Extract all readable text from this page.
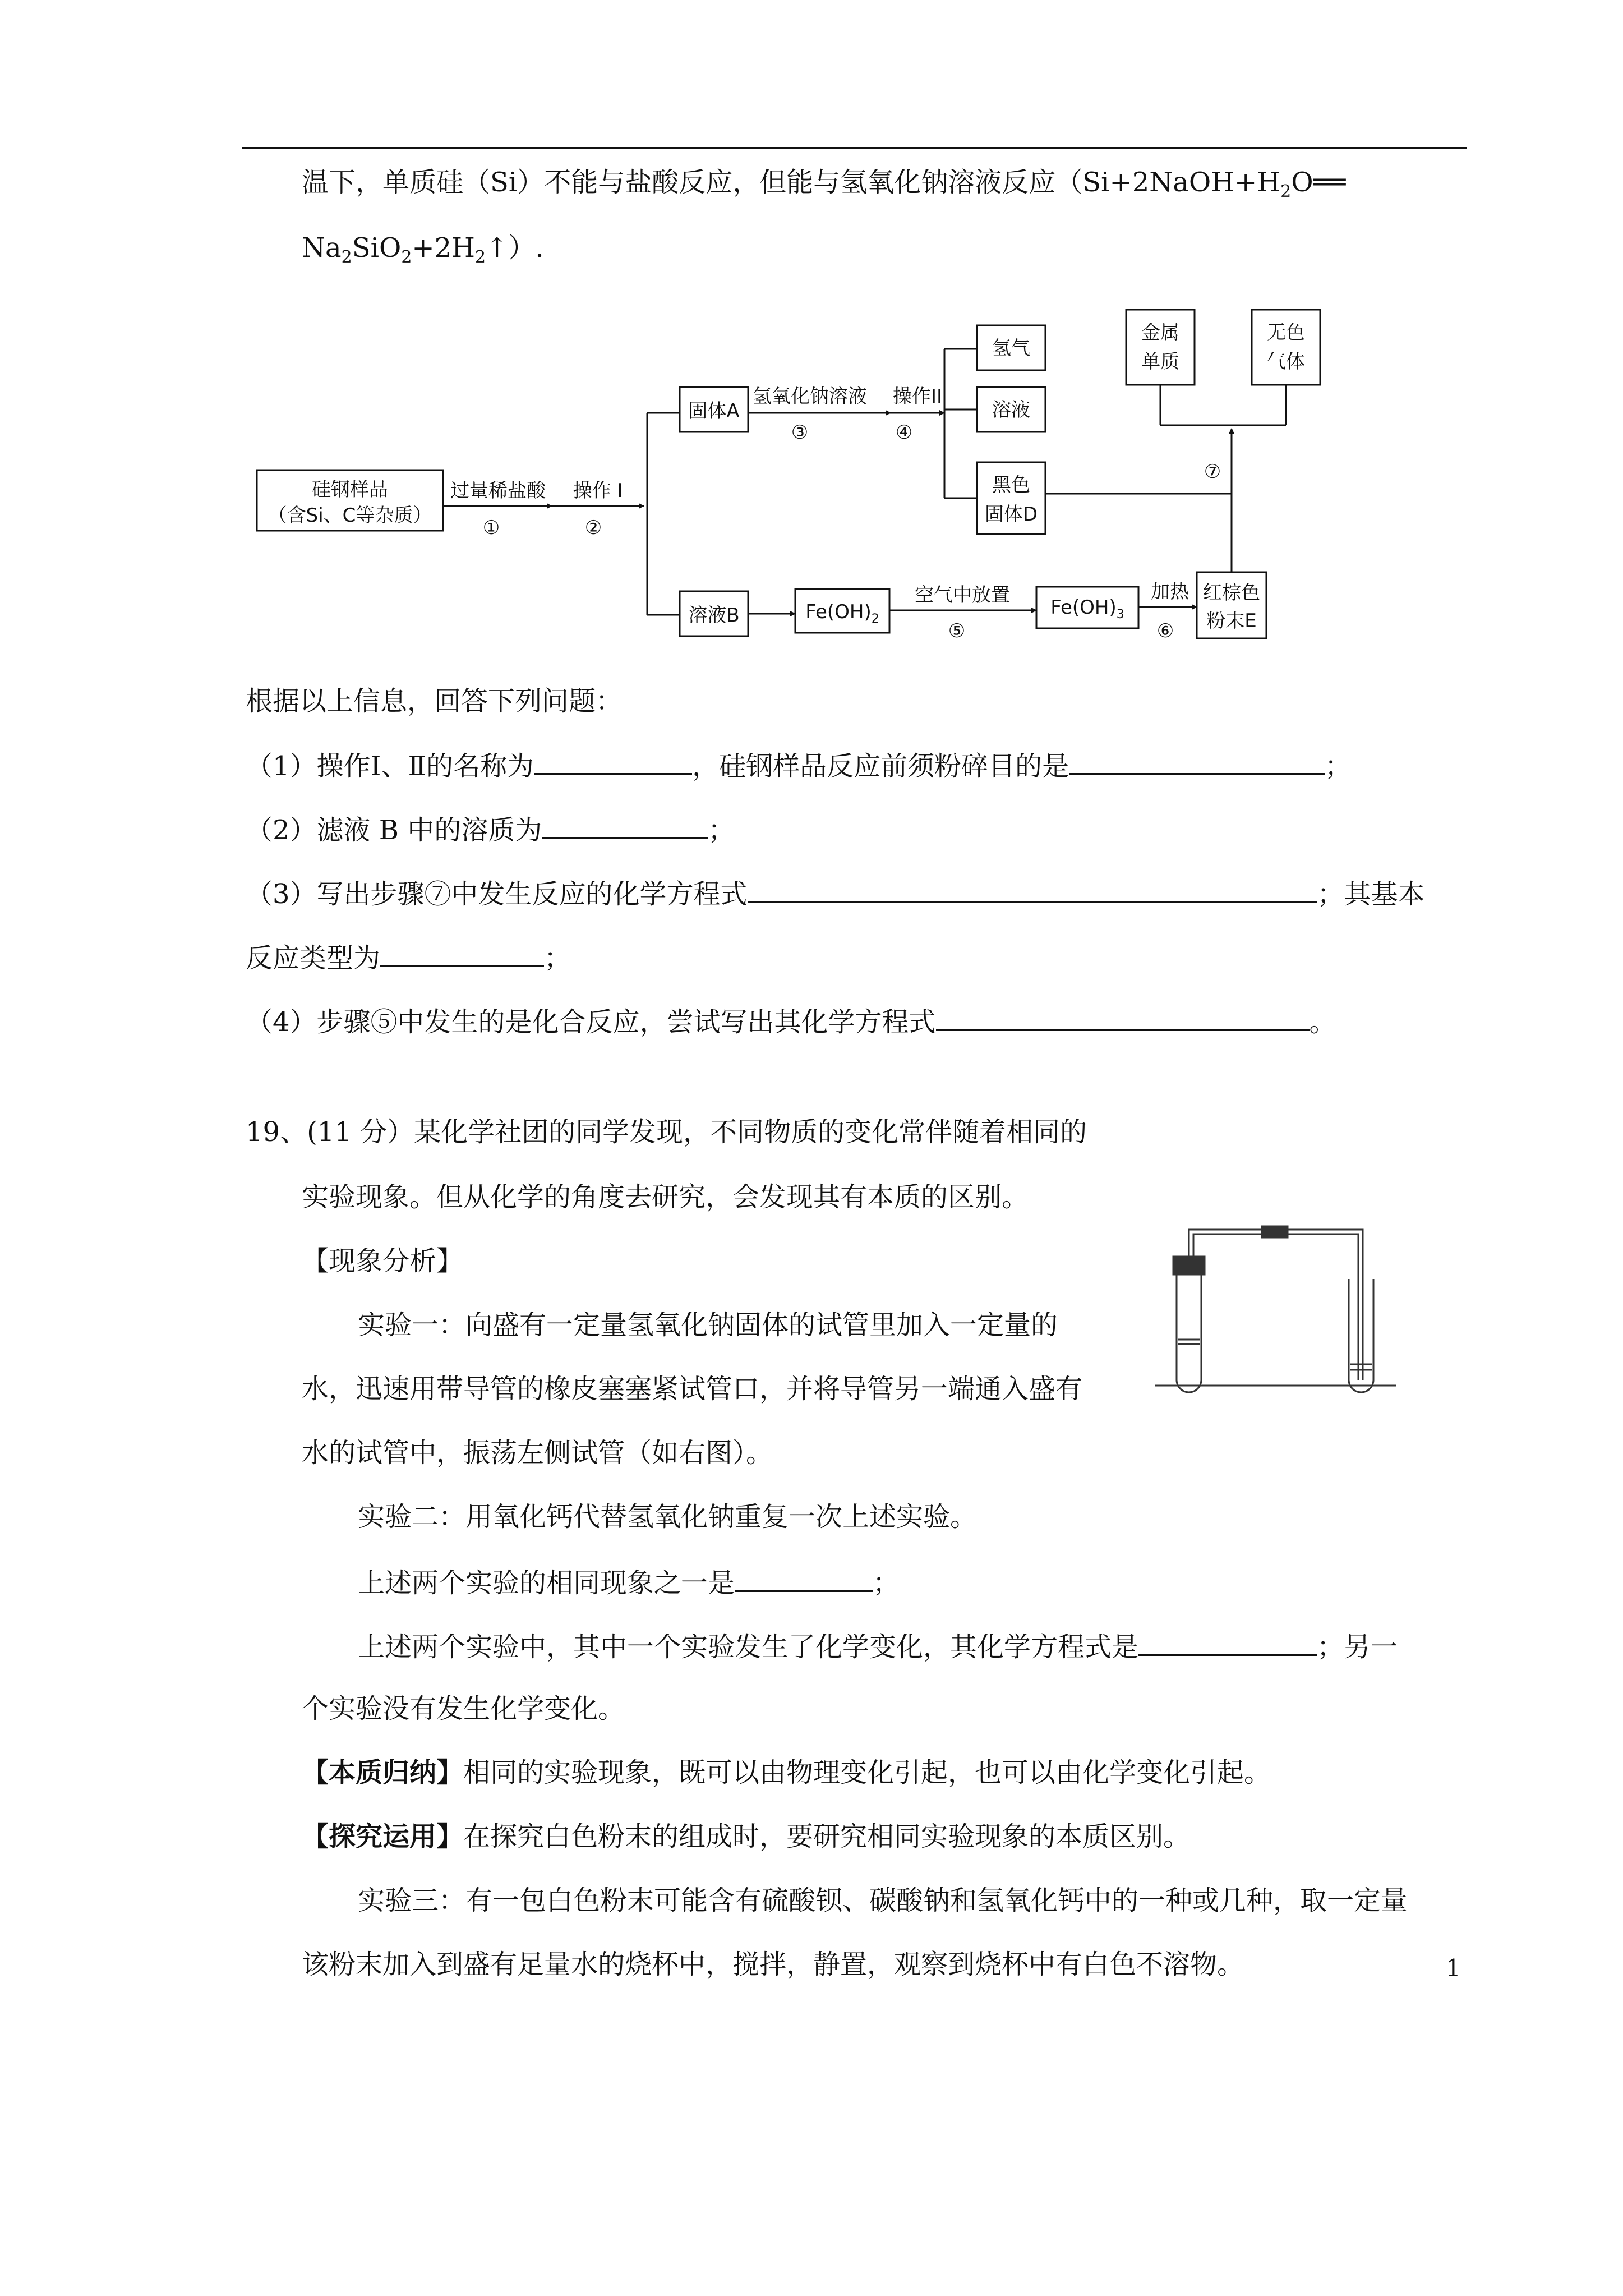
温下，单质硅（Si）不能与盐酸反应，但能与氢氧化钠溶液反应（$Si+2NaOH+H_2O══$
$Na_2SiO_2+2H_2↑$）.
硅钢样品
（含Si、C等杂质）
过量稀盐酸
①
操作 I
②
固体A
氢氧化钠溶液
③
操作II
④
氢气
溶液
黑色
固体D
金属
单质
无色
气体
⑦
溶液B	$Fe(OH)_2$
空气中放置
⑤
$Fe(OH)_3$
加热
⑥
红棕色
粉末E
根据以上信息，回答下列问题：
（1）操作Ⅰ、Ⅱ的名称为	，硅钢样品反应前须粉碎目的是	；
（2）滤液 B 中的溶质为	；
（3）写出步骤⑦中发生反应的化学方程式	；其基本
反应类型为	；
（4）步骤⑤中发生的是化合反应，尝试写出其化学方程式	。
19、(11 分）某化学社团的同学发现，不同物质的变化常伴随着相同的
实验现象。但从化学的角度去研究，会发现其有本质的区别。
【现象分析】
实验一：向盛有一定量氢氧化钠固体的试管里加入一定量的
水，迅速用带导管的橡皮塞塞紧试管口，并将导管另一端通入盛有
水的试管中，振荡左侧试管（如右图）。
实验二：用氧化钙代替氢氧化钠重复一次上述实验。
上述两个实验的相同现象之一是	；
上述两个实验中，其中一个实验发生了化学变化，其化学方程式是	；另一
个实验没有发生化学变化。
【本质归纳】相同的实验现象，既可以由物理变化引起，也可以由化学变化引起。
【探究运用】在探究白色粉末的组成时，要研究相同实验现象的本质区别。
实验三：有一包白色粉末可能含有硫酸钡、碳酸钠和氢氧化钙中的一种或几种，取一定量
该粉末加入到盛有足量水的烧杯中，搅拌，静置，观察到烧杯中有白色不溶物。	1
